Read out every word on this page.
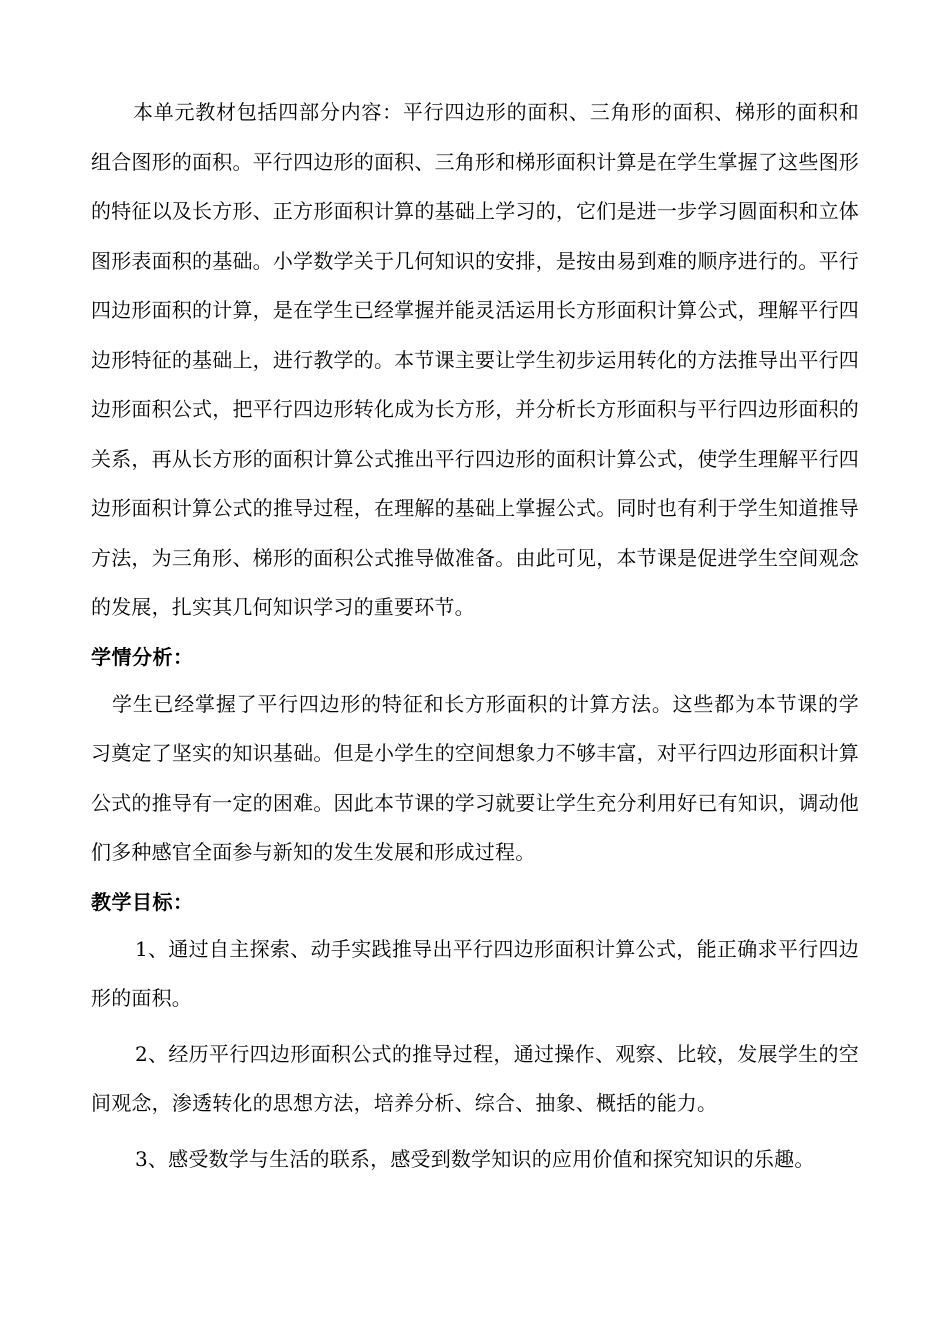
本单元教材包括四部分内容：平行四边形的面积、三角形的面积、梯形的面积和组合图形的面积。平行四边形的面积、三角形和梯形面积计算是在学生掌握了这些图形的特征以及长方形、正方形面积计算的基础上学习的，它们是进一步学习圆面积和立体图形表面积的基础。小学数学关于几何知识的安排，是按由易到难的顺序进行的。平行四边形面积的计算，是在学生已经掌握并能灵活运用长方形面积计算公式，理解平行四边形特征的基础上，进行教学的。本节课主要让学生初步运用转化的方法推导出平行四边形面积公式，把平行四边形转化成为长方形，并分析长方形面积与平行四边形面积的关系，再从长方形的面积计算公式推出平行四边形的面积计算公式，使学生理解平行四边形面积计算公式的推导过程，在理解的基础上掌握公式。同时也有利于学生知道推导方法，为三角形、梯形的面积公式推导做准备。由此可见，本节课是促进学生空间观念的发展，扎实其几何知识学习的重要环节。

学情分析：

学生已经掌握了平行四边形的特征和长方形面积的计算方法。这些都为本节课的学习奠定了坚实的知识基础。但是小学生的空间想象力不够丰富，对平行四边形面积计算公式的推导有一定的困难。因此本节课的学习就要让学生充分利用好已有知识，调动他们多种感官全面参与新知的发生发展和形成过程。

教学目标：

1、通过自主探索、动手实践推导出平行四边形面积计算公式，能正确求平行四边形的面积。

2、经历平行四边形面积公式的推导过程，通过操作、观察、比较，发展学生的空间观念，渗透转化的思想方法，培养分析、综合、抽象、概括的能力。

3、感受数学与生活的联系，感受到数学知识的应用价值和探究知识的乐趣。
